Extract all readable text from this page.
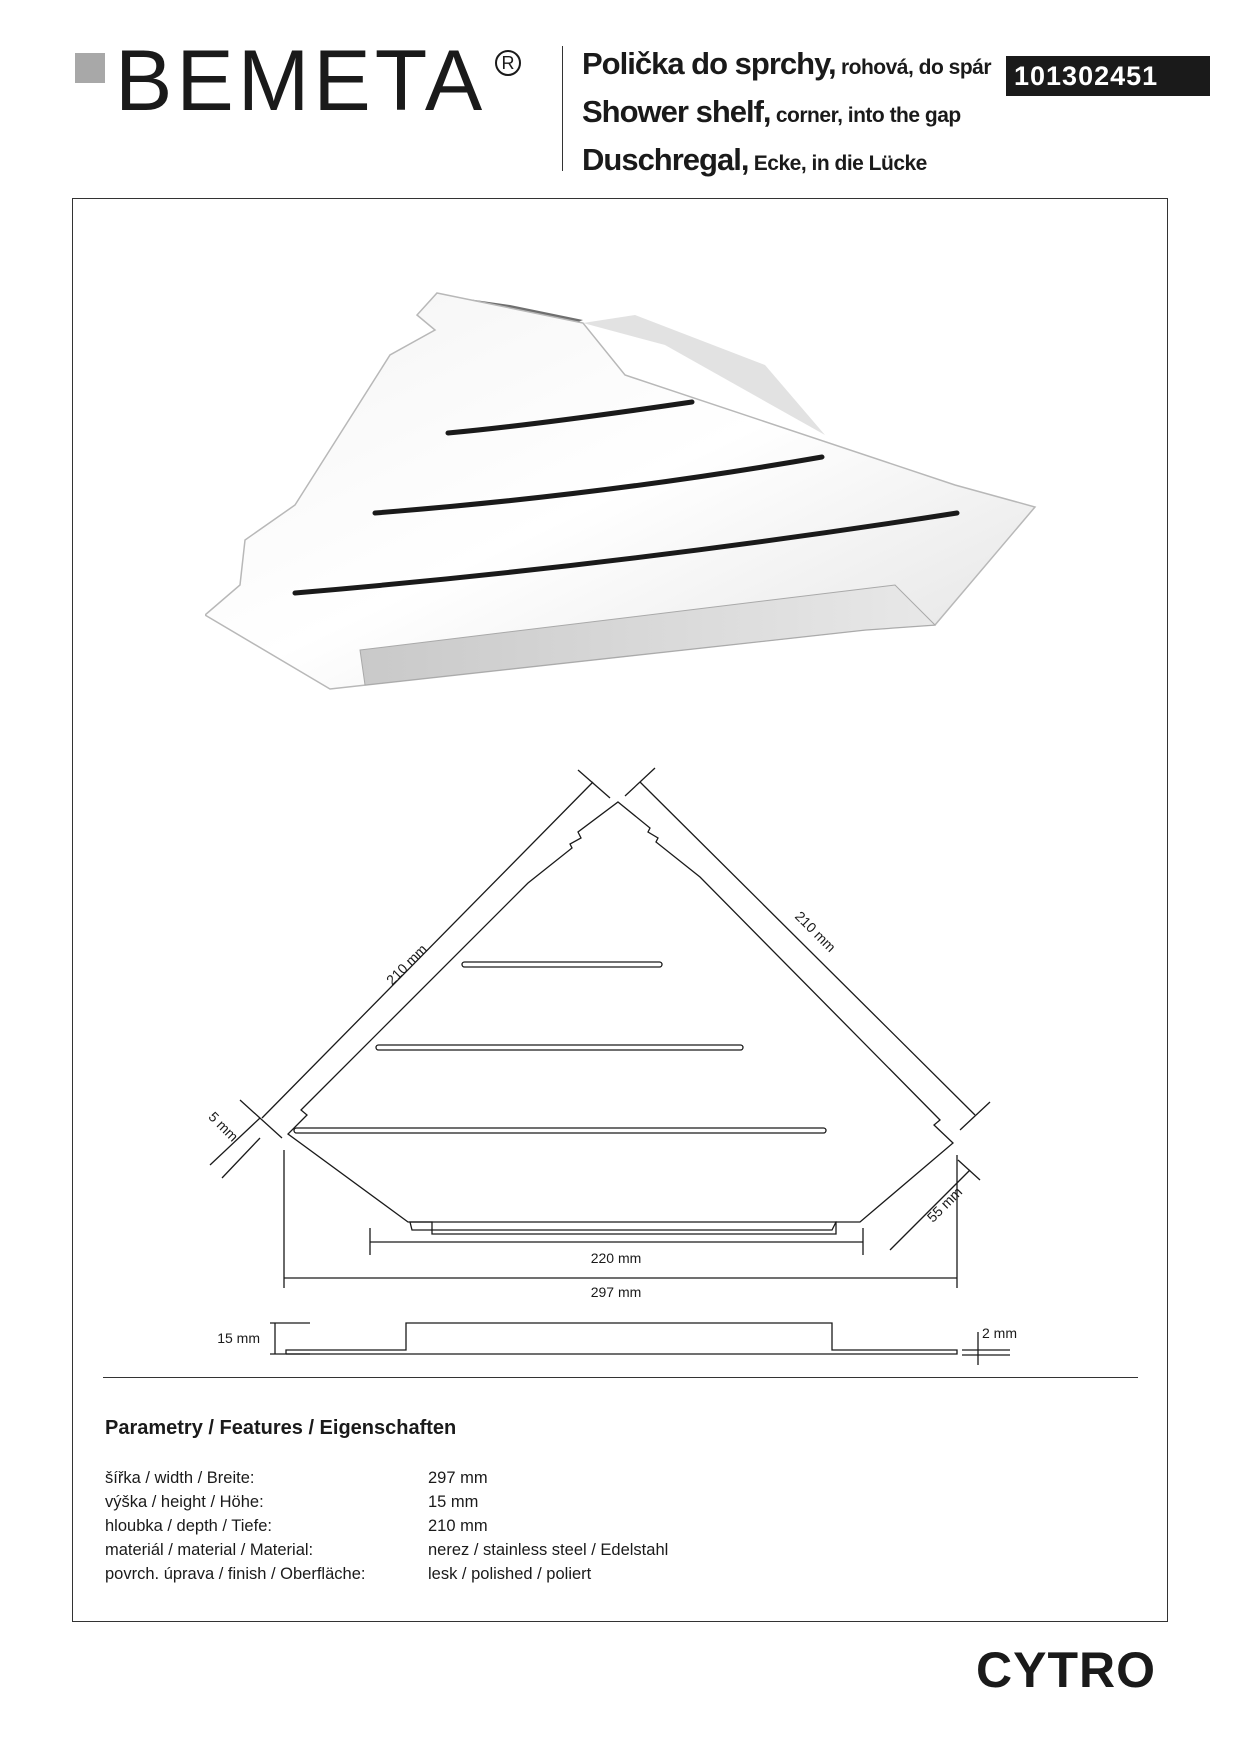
BEMETA R Polička do sprchy, rohová, do spár
Shower shelf, corner, into the gap
Duschregal, Ecke, in die Lücke
101302451
210 mm
210 mm
5 mm
55 mm
220 mm
297 mm
15 mm	2 mm
Parametry / Features / Eigenschaften
šířka / width / Breite:	297 mm
výška / height / Höhe:	15 mm
hloubka / depth / Tiefe:	210 mm
materiál / material / Material:	nerez / stainless steel / Edelstahl
povrch. úprava / finish / Oberfläche:	lesk / polished / poliert
CYTRO
